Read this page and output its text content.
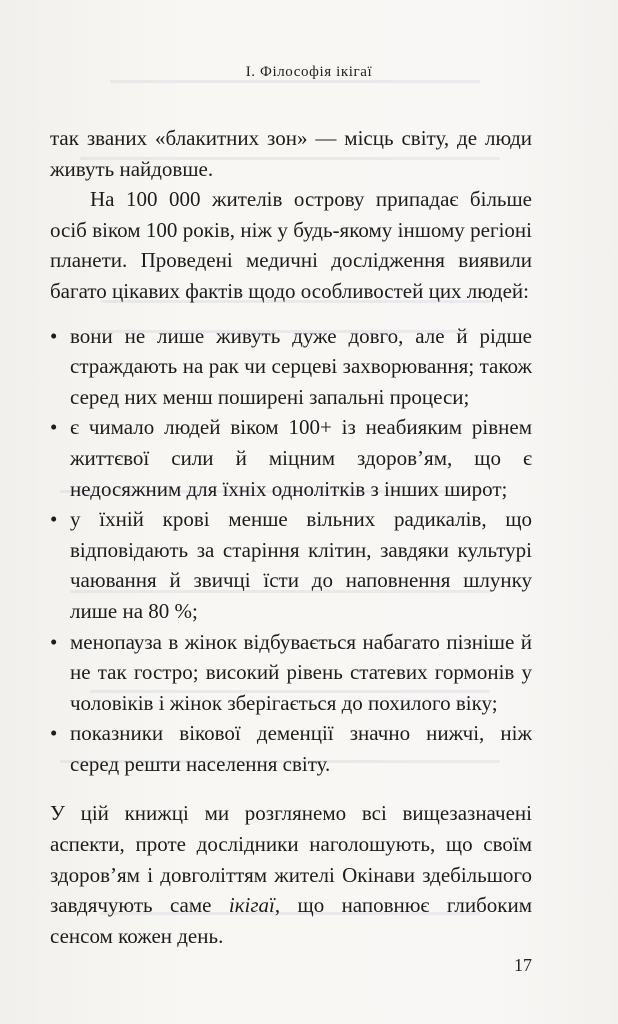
I. Філософія ікігаї

так званих «блакитних зон» — місць світу, де люди живуть найдовше.

На 100 000 жителів острову припадає більше осіб віком 100 років, ніж у будь-якому іншому регіоні планети. Проведені медичні дослідження виявили багато цікавих фактів щодо особливостей цих людей:

• вони не лише живуть дуже довго, але й рідше страждають на рак чи серцеві захворювання; також серед них менш поширені запальні процеси;
• є чимало людей віком 100+ із неабияким рівнем життєвої сили й міцним здоров’ям, що є недосяжним для їхніх однолітків з інших широт;
• у їхній крові менше вільних радикалів, що відповідають за старіння клітин, завдяки культурі чаювання й звичці їсти до наповнення шлунку лише на 80 %;
• менопауза в жінок відбувається набагато пізніше й не так гостро; високий рівень статевих гормонів у чоловіків і жінок зберігається до похилого віку;
• показники вікової деменції значно нижчі, ніж серед решти населення світу.

У цій книжці ми розглянемо всі вищезазначені аспекти, проте дослідники наголошують, що своїм здоров’ям і довголіттям жителі Окінави здебільшого завдячують саме ікігаї, що наповнює глибоким сенсом кожен день.

17
